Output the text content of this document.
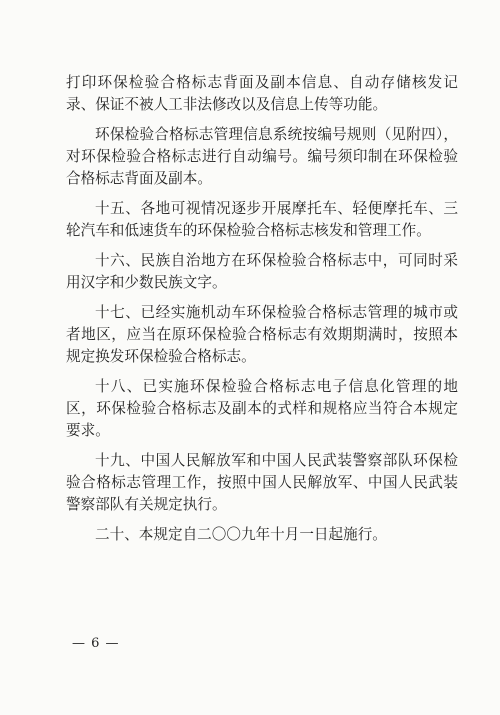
打印环保检验合格标志背面及副本信息、自动存储核发记录、保证不被人工非法修改以及信息上传等功能。

环保检验合格标志管理信息系统按编号规则（见附四），对环保检验合格标志进行自动编号。编号须印制在环保检验合格标志背面及副本。

十五、各地可视情况逐步开展摩托车、轻便摩托车、三轮汽车和低速货车的环保检验合格标志核发和管理工作。

十六、民族自治地方在环保检验合格标志中，可同时采用汉字和少数民族文字。

十七、已经实施机动车环保检验合格标志管理的城市或者地区，应当在原环保检验合格标志有效期期满时，按照本规定换发环保检验合格标志。

十八、已实施环保检验合格标志电子信息化管理的地区，环保检验合格标志及副本的式样和规格应当符合本规定要求。

十九、中国人民解放军和中国人民武装警察部队环保检验合格标志管理工作，按照中国人民解放军、中国人民武装警察部队有关规定执行。

二十、本规定自二〇〇九年十月一日起施行。

— 6 —
